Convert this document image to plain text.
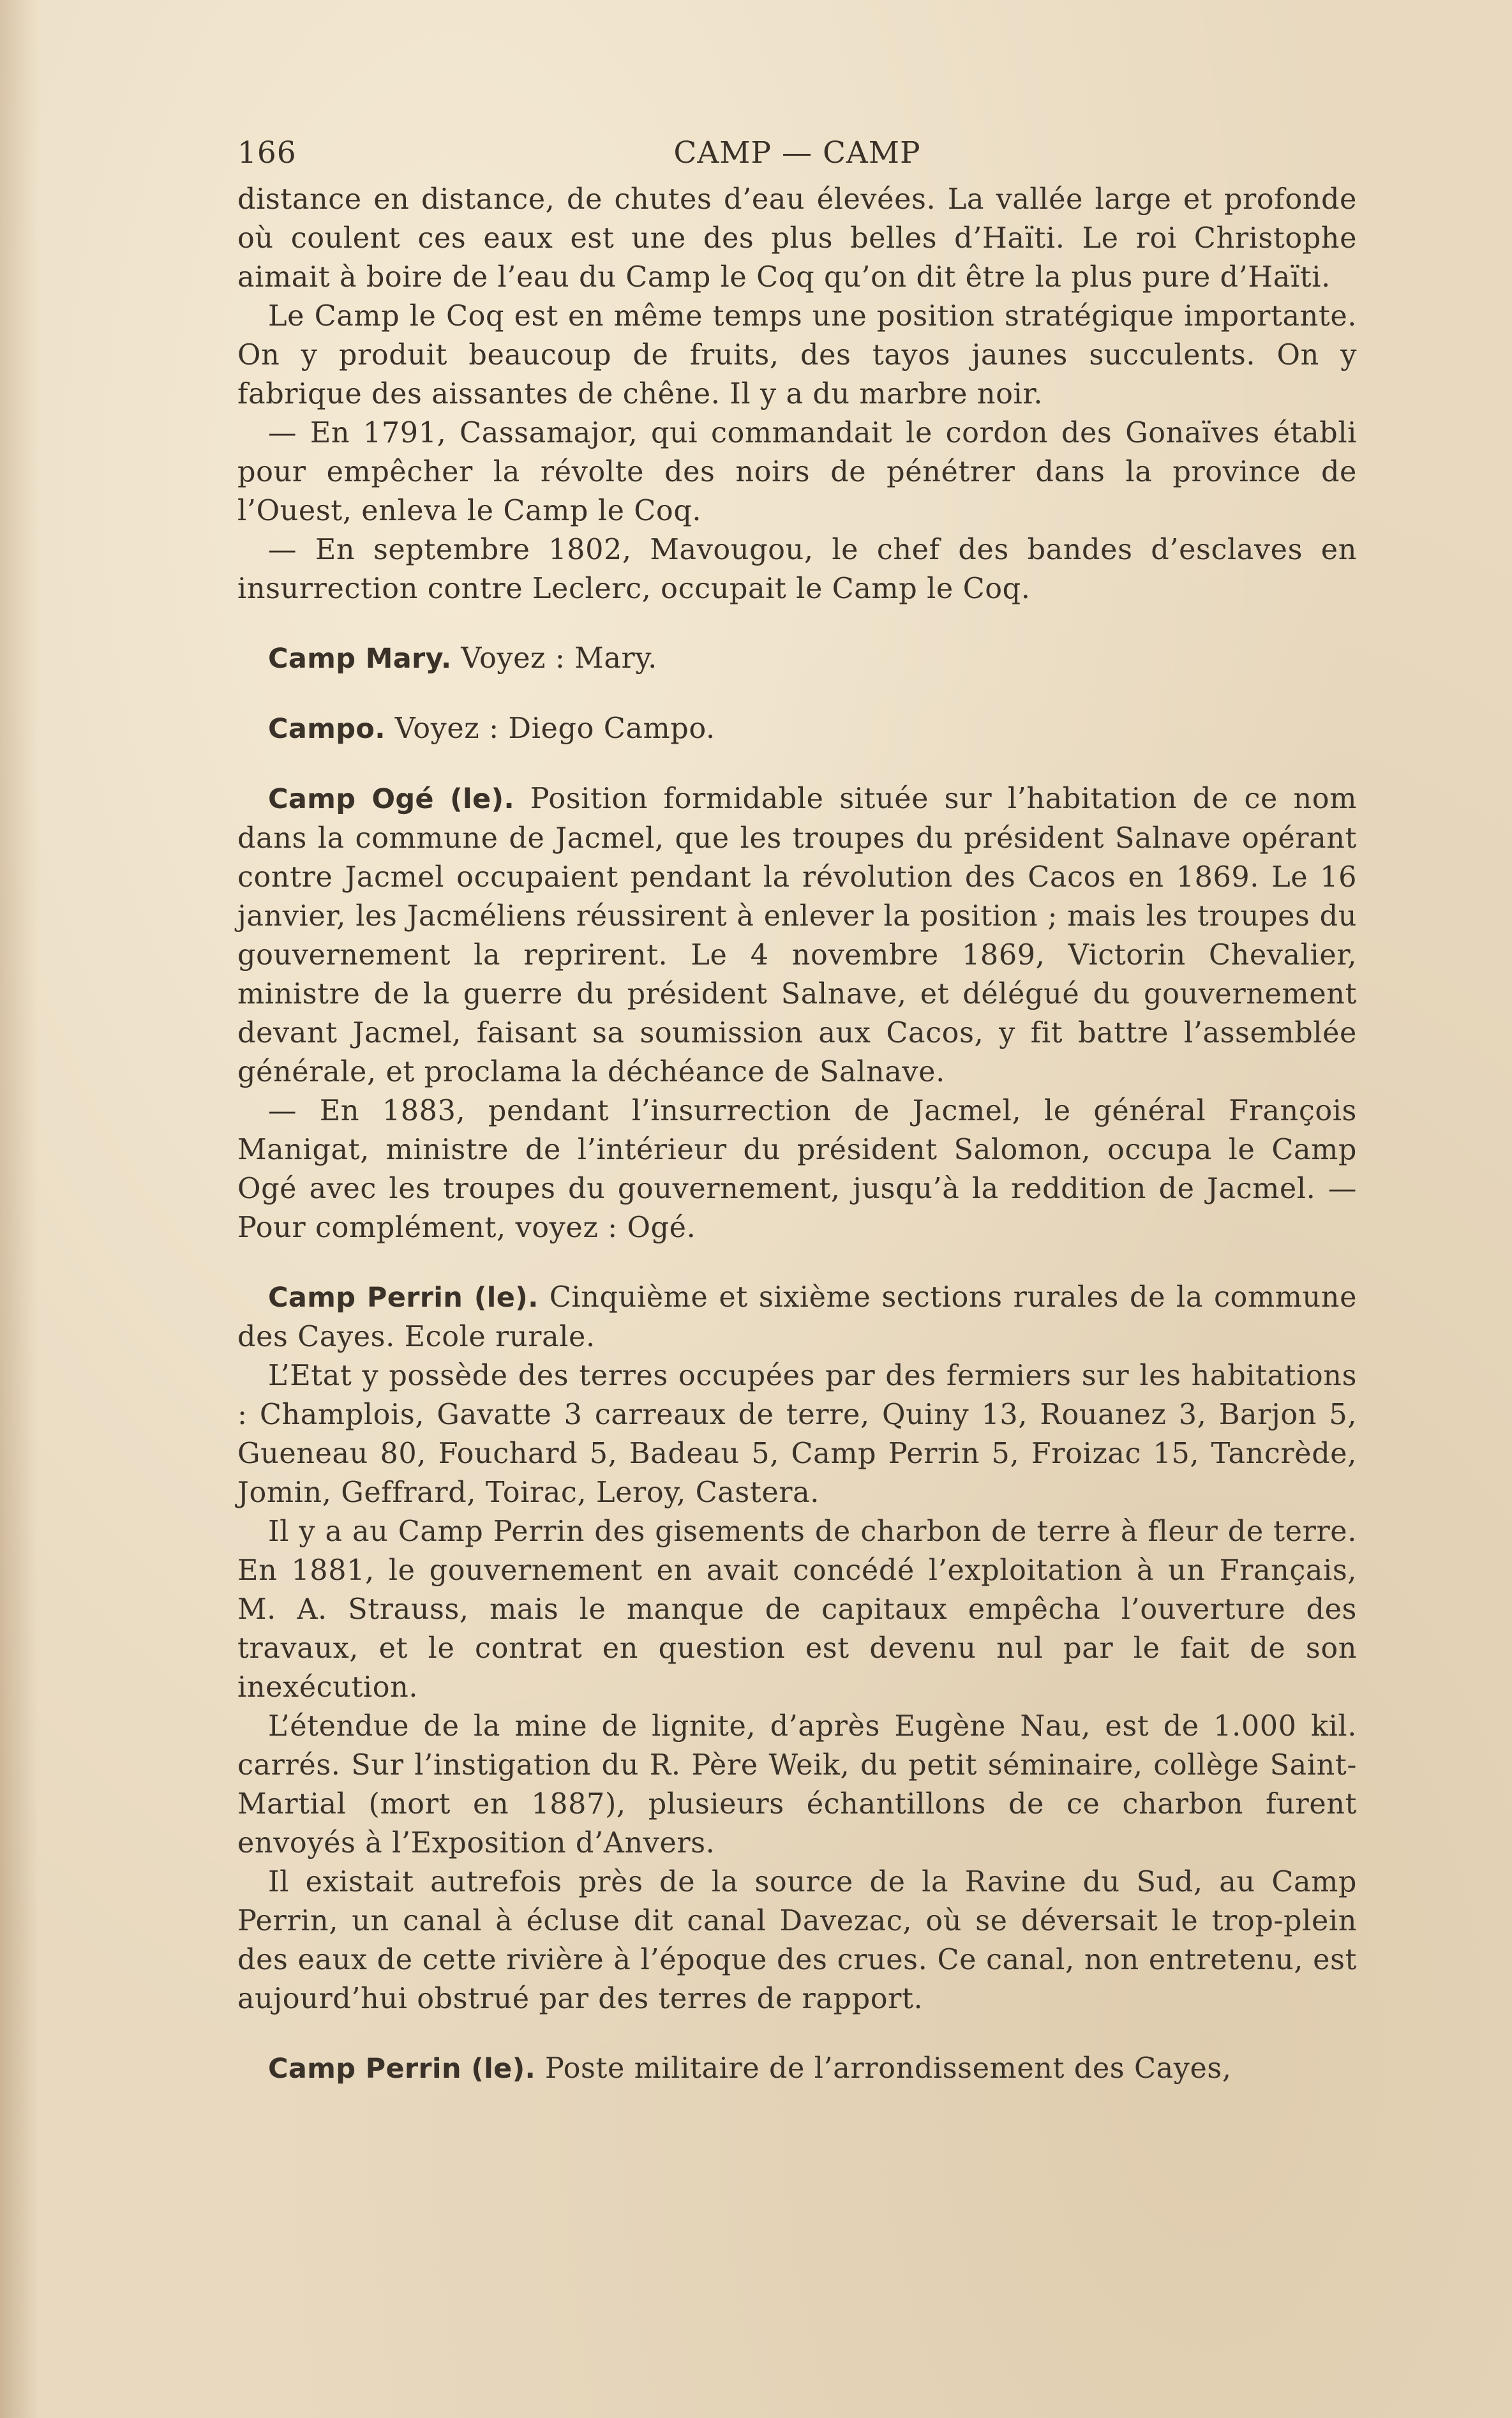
166	CAMP — CAMP

distance en distance, de chutes d’eau élevées. La vallée large et profonde où coulent ces eaux est une des plus belles d’Haïti. Le roi Christophe aimait à boire de l’eau du Camp le Coq qu’on dit être la plus pure d’Haïti.

Le Camp le Coq est en même temps une position stratégique importante. On y produit beaucoup de fruits, des tayos jaunes succulents. On y fabrique des aissantes de chêne. Il y a du marbre noir.

— En 1791, Cassamajor, qui commandait le cordon des Gonaïves établi pour empêcher la révolte des noirs de pénétrer dans la province de l’Ouest, enleva le Camp le Coq.

— En septembre 1802, Mavougou, le chef des bandes d’esclaves en insurrection contre Leclerc, occupait le Camp le Coq.

Camp Mary. Voyez : Mary.

Campo. Voyez : Diego Campo.

Camp Ogé (le). Position formidable située sur l’habitation de ce nom dans la commune de Jacmel, que les troupes du président Salnave opérant contre Jacmel occupaient pendant la révolution des Cacos en 1869. Le 16 janvier, les Jacméliens réussirent à enlever la position ; mais les troupes du gouvernement la reprirent. Le 4 novembre 1869, Victorin Chevalier, ministre de la guerre du président Salnave, et délégué du gouvernement devant Jacmel, faisant sa soumission aux Cacos, y fit battre l’assemblée générale, et proclama la déchéance de Salnave.

— En 1883, pendant l’insurrection de Jacmel, le général François Manigat, ministre de l’intérieur du président Salomon, occupa le Camp Ogé avec les troupes du gouvernement, jusqu’à la reddition de Jacmel. — Pour complément, voyez : Ogé.

Camp Perrin (le). Cinquième et sixième sections rurales de la commune des Cayes. Ecole rurale.

L’Etat y possède des terres occupées par des fermiers sur les habitations : Champlois, Gavatte 3 carreaux de terre, Quiny 13, Rouanez 3, Barjon 5, Gueneau 80, Fouchard 5, Badeau 5, Camp Perrin 5, Froizac 15, Tancrède, Jomin, Geffrard, Toirac, Leroy, Castera.

Il y a au Camp Perrin des gisements de charbon de terre à fleur de terre. En 1881, le gouvernement en avait concédé l’exploitation à un Français, M. A. Strauss, mais le manque de capitaux empêcha l’ouverture des travaux, et le contrat en question est devenu nul par le fait de son inexécution.

L’étendue de la mine de lignite, d’après Eugène Nau, est de 1.000 kil. carrés. Sur l’instigation du R. Père Weik, du petit séminaire, collège Saint-Martial (mort en 1887), plusieurs échantillons de ce charbon furent envoyés à l’Exposition d’Anvers.

Il existait autrefois près de la source de la Ravine du Sud, au Camp Perrin, un canal à écluse dit canal Davezac, où se déversait le trop-plein des eaux de cette rivière à l’époque des crues. Ce canal, non entretenu, est aujourd’hui obstrué par des terres de rapport.

Camp Perrin (le). Poste militaire de l’arrondissement des Cayes,
